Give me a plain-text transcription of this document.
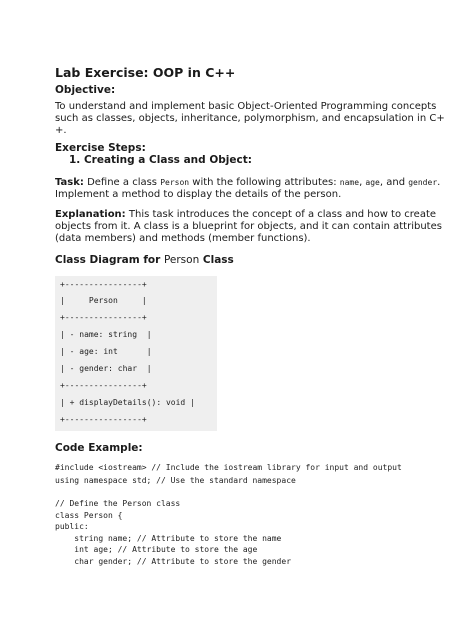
Lab Exercise: OOP in C++
Objective:
To understand and implement basic Object-Oriented Programming concepts
such as classes, objects, inheritance, polymorphism, and encapsulation in C+
+.
Exercise Steps:
1. Creating a Class and Object:
Task: Define a class Person with the following attributes: name, age, and gender.
Implement a method to display the details of the person.
Explanation: This task introduces the concept of a class and how to create
objects from it. A class is a blueprint for objects, and it can contain attributes
(data members) and methods (member functions).
Class Diagram for Person Class
+----------------+
|     Person     |
+----------------+
| - name: string  |
| - age: int      |
| - gender: char  |
+----------------+
| + displayDetails(): void |
+----------------+
Code Example:
#include <iostream> // Include the iostream library for input and output
using namespace std; // Use the standard namespace
// Define the Person class
class Person {
public:
string name; // Attribute to store the name
int age; // Attribute to store the age
char gender; // Attribute to store the gender
